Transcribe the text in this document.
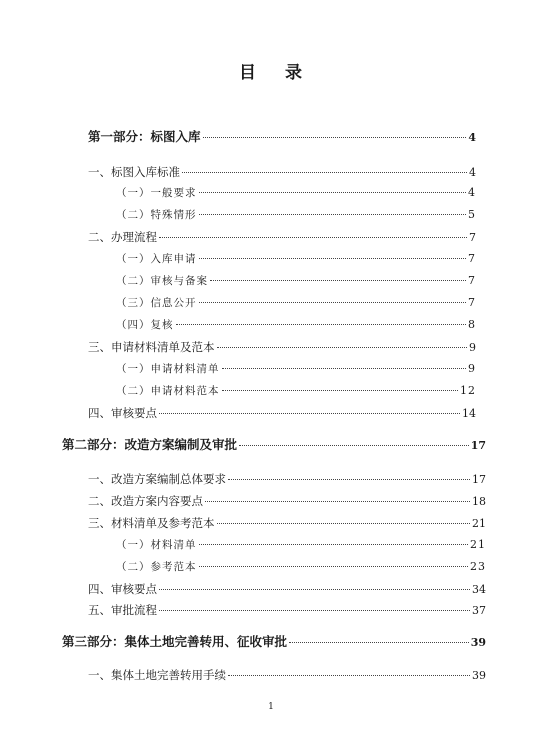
目 录
第一部分：标图入库	4
一、标图入库标准	4
（一）一般要求	4
（二）特殊情形	5
二、办理流程	7
（一）入库申请	7
（二）审核与备案	7
（三）信息公开	7
（四）复核	8
三、申请材料清单及范本	9
（一）申请材料清单	9
（二）申请材料范本	12
四、审核要点	14
第二部分：改造方案编制及审批	17
一、改造方案编制总体要求	17
二、改造方案内容要点	18
三、材料清单及参考范本	21
（一）材料清单	21
（二）参考范本	23
四、审核要点	34
五、审批流程	37
第三部分：集体土地完善转用、征收审批	39
一、集体土地完善转用手续	39
1
